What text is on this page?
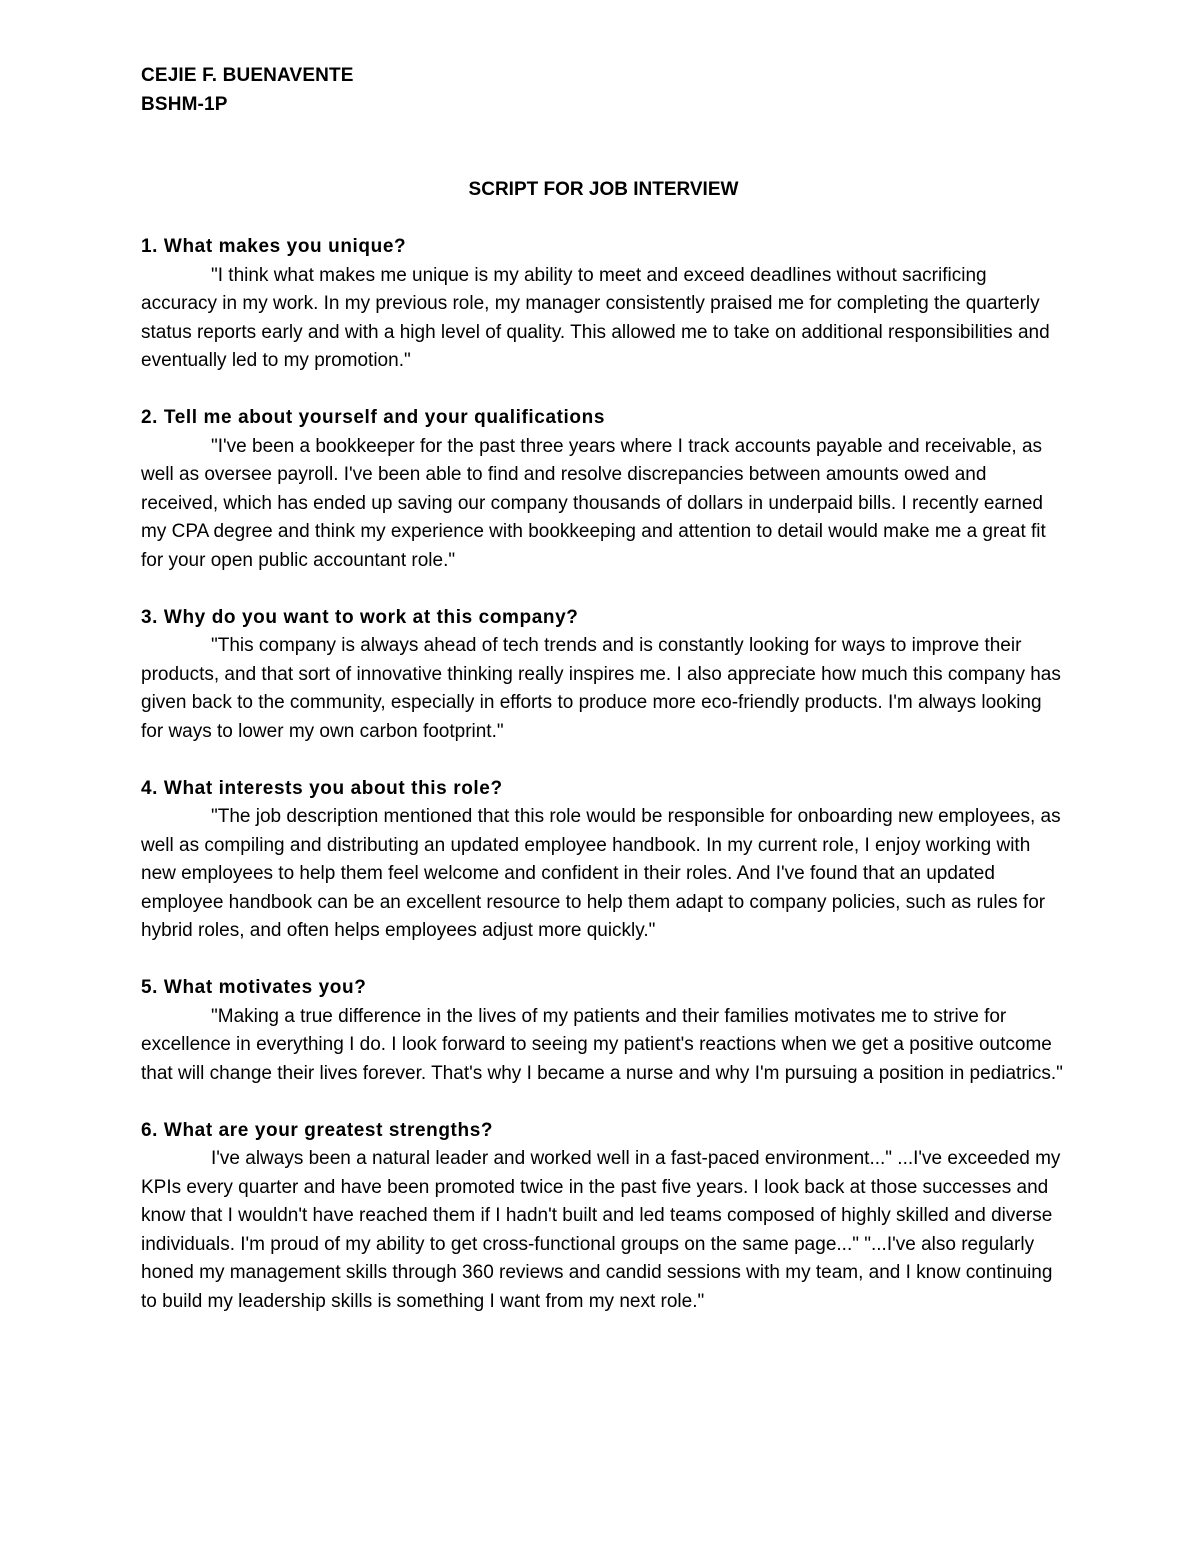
CEJIE F. BUENAVENTE
BSHM-1P
SCRIPT FOR JOB INTERVIEW
1. What makes you unique?

"I think what makes me unique is my ability to meet and exceed deadlines without sacrificing accuracy in my work. In my previous role, my manager consistently praised me for completing the quarterly status reports early and with a high level of quality. This allowed me to take on additional responsibilities and eventually led to my promotion."

2. Tell me about yourself and your qualifications

"I've been a bookkeeper for the past three years where I track accounts payable and receivable, as well as oversee payroll. I've been able to find and resolve discrepancies between amounts owed and received, which has ended up saving our company thousands of dollars in underpaid bills. I recently earned my CPA degree and think my experience with bookkeeping and attention to detail would make me a great fit for your open public accountant role."

3. Why do you want to work at this company?

"This company is always ahead of tech trends and is constantly looking for ways to improve their products, and that sort of innovative thinking really inspires me. I also appreciate how much this company has given back to the community, especially in efforts to produce more eco-friendly products. I'm always looking for ways to lower my own carbon footprint."

4. What interests you about this role?

"The job description mentioned that this role would be responsible for onboarding new employees, as well as compiling and distributing an updated employee handbook. In my current role, I enjoy working with new employees to help them feel welcome and confident in their roles. And I've found that an updated employee handbook can be an excellent resource to help them adapt to company policies, such as rules for hybrid roles, and often helps employees adjust more quickly."

5. What motivates you?

"Making a true difference in the lives of my patients and their families motivates me to strive for excellence in everything I do. I look forward to seeing my patient's reactions when we get a positive outcome that will change their lives forever. That's why I became a nurse and why I'm pursuing a position in pediatrics."

6. What are your greatest strengths?

I've always been a natural leader and worked well in a fast-paced environment..." ...I've exceeded my KPIs every quarter and have been promoted twice in the past five years. I look back at those successes and know that I wouldn't have reached them if I hadn't built and led teams composed of highly skilled and diverse individuals. I'm proud of my ability to get cross-functional groups on the same page..." "...I've also regularly honed my management skills through 360 reviews and candid sessions with my team, and I know continuing to build my leadership skills is something I want from my next role."
